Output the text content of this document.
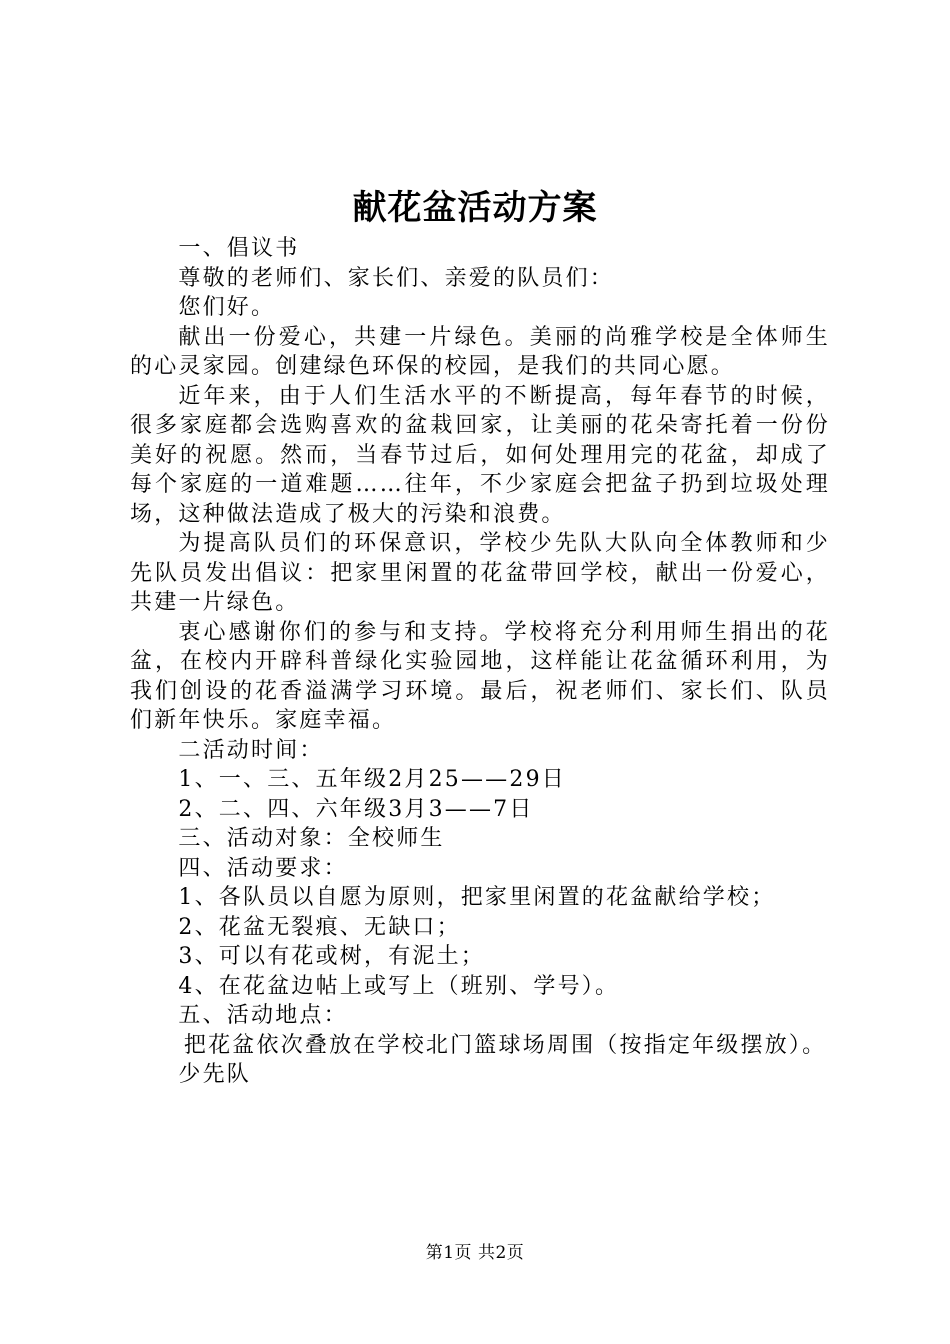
献花盆活动方案

一、倡议书

尊敬的老师们、家长们、亲爱的队员们：

您们好。

献出一份爱心，共建一片绿色。美丽的尚雅学校是全体师生的心灵家园。创建绿色环保的校园，是我们的共同心愿。

近年来，由于人们生活水平的不断提高，每年春节的时候，很多家庭都会选购喜欢的盆栽回家，让美丽的花朵寄托着一份份美好的祝愿。然而，当春节过后，如何处理用完的花盆，却成了每个家庭的一道难题……往年，不少家庭会把盆子扔到垃圾处理场，这种做法造成了极大的污染和浪费。

为提高队员们的环保意识，学校少先队大队向全体教师和少先队员发出倡议：把家里闲置的花盆带回学校，献出一份爱心，共建一片绿色。

衷心感谢你们的参与和支持。学校将充分利用师生捐出的花盆，在校内开辟科普绿化实验园地，这样能让花盆循环利用，为我们创设的花香溢满学习环境。最后，祝老师们、家长们、队员们新年快乐。家庭幸福。

二活动时间：

1、一、三、五年级2月25——29日

2、二、四、六年级3月3——7日

三、活动对象：全校师生

四、活动要求：

1、各队员以自愿为原则，把家里闲置的花盆献给学校；

2、花盆无裂痕、无缺口；

3、可以有花或树，有泥土；

4、在花盆边帖上或写上（班别、学号）。

五、活动地点：

把花盆依次叠放在学校北门篮球场周围（按指定年级摆放）。

少先队

第1页 共2页
